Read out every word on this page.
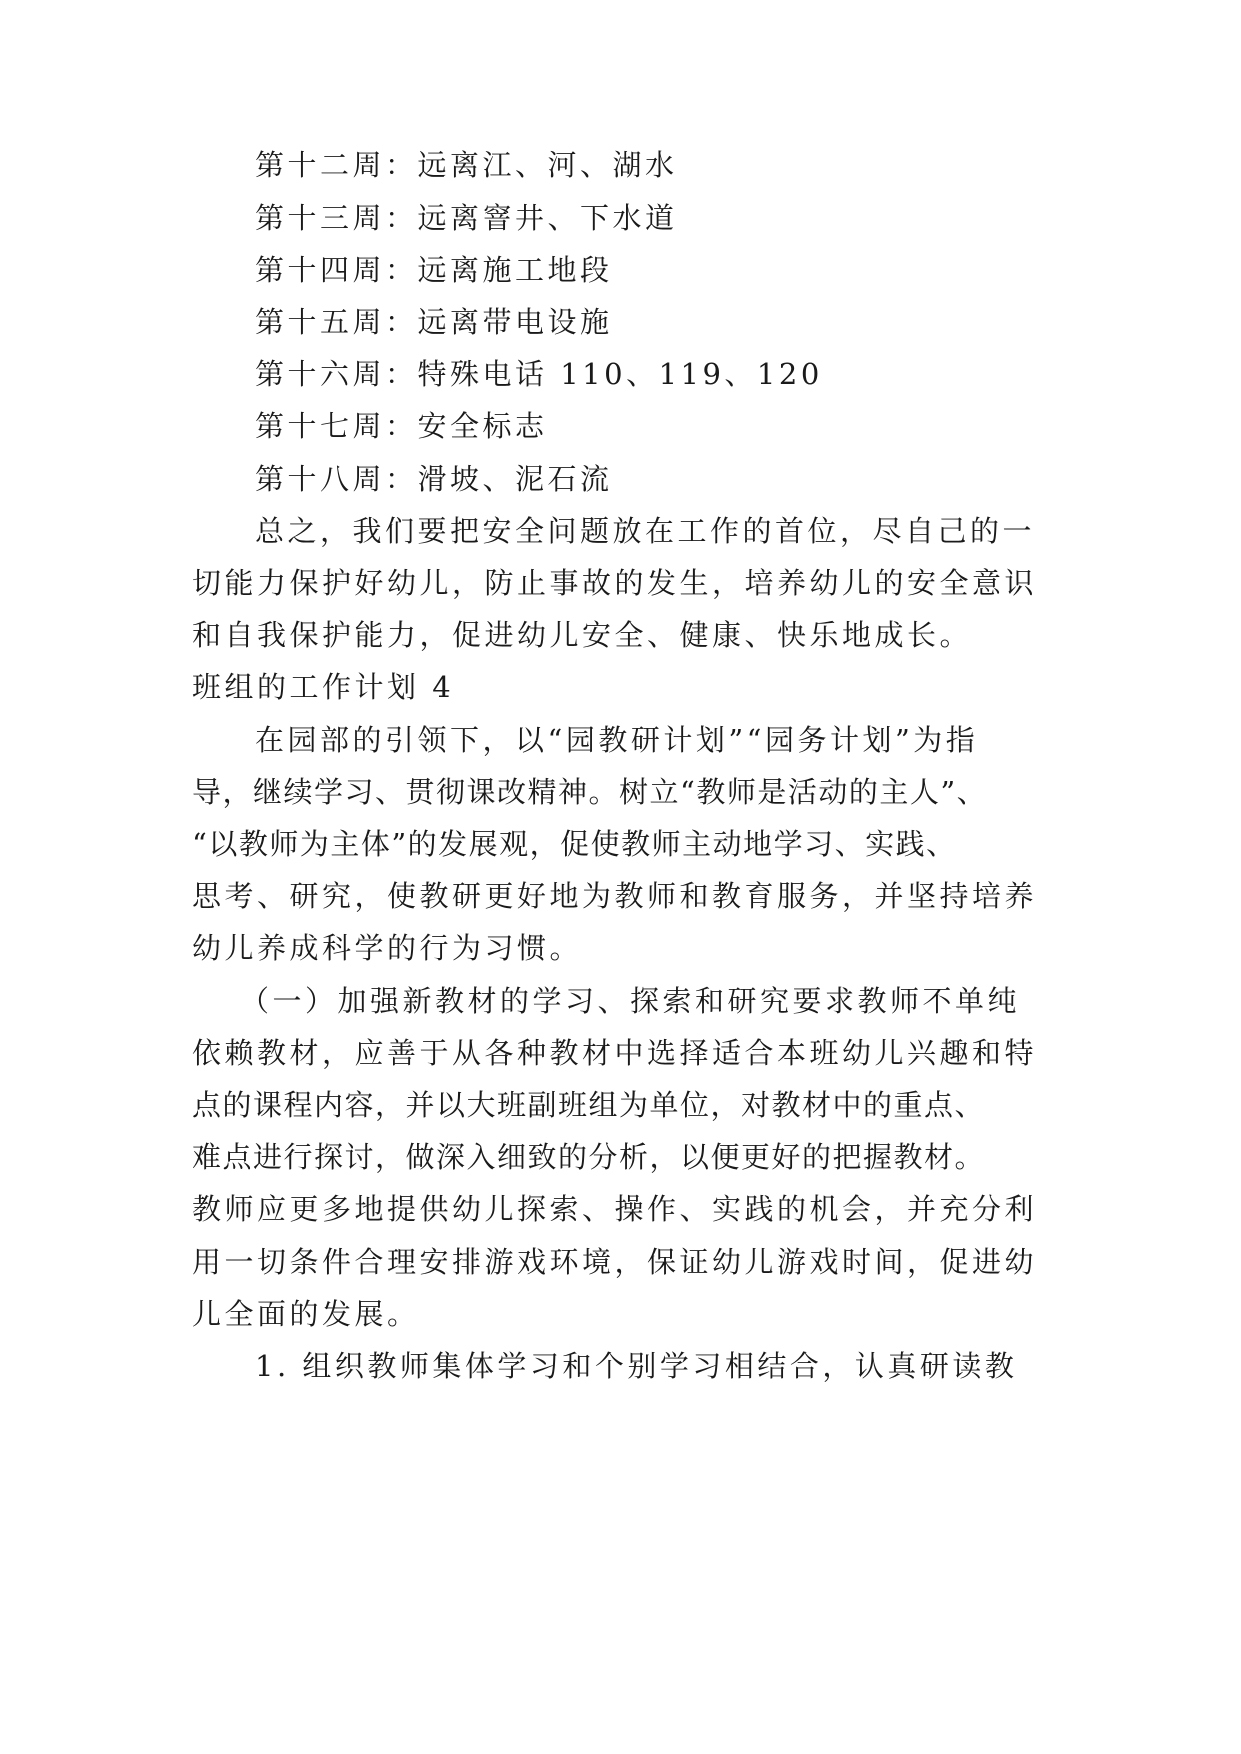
第十二周：远离江、河、湖水
第十三周：远离窨井、下水道
第十四周：远离施工地段
第十五周：远离带电设施
第十六周：特殊电话 110、119、120
第十七周：安全标志
第十八周：滑坡、泥石流
总之，我们要把安全问题放在工作的首位，尽自己的一
切能力保护好幼儿，防止事故的发生，培养幼儿的安全意识
和自我保护能力，促进幼儿安全、健康、快乐地成长。
班组的工作计划 4
在园部的引领下，以“园教研计划”“园务计划”为指
导，继续学习、贯彻课改精神。树立“教师是活动的主人”、
“以教师为主体”的发展观，促使教师主动地学习、实践、
思考、研究，使教研更好地为教师和教育服务，并坚持培养
幼儿养成科学的行为习惯。
（一）加强新教材的学习、探索和研究要求教师不单纯
依赖教材，应善于从各种教材中选择适合本班幼儿兴趣和特
点的课程内容，并以大班副班组为单位，对教材中的重点、
难点进行探讨，做深入细致的分析，以便更好的把握教材。
教师应更多地提供幼儿探索、操作、实践的机会，并充分利
用一切条件合理安排游戏环境，保证幼儿游戏时间，促进幼
儿全面的发展。
1. 组织教师集体学习和个别学习相结合，认真研读教
